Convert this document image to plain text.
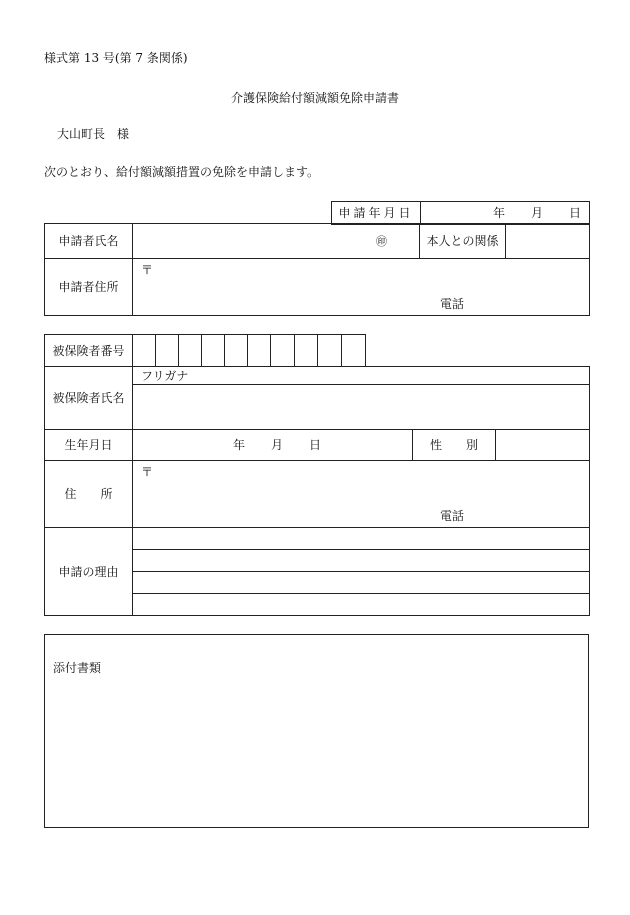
様式第 13 号(第 7 条関係)
介護保険給付額減額免除申請書
大山町長　様
次のとおり、給付額減額措置の免除を申請します。
申請年月日	年 月 日
申請者氏名	㊞	本人との関係	
申請者住所	〒
電話		
被保険者番号										
被保険者氏名	フリガナ		

生年月日	年 月 日	性　　別	
住　　所	〒
電話		

申請の理由			

添付書類
